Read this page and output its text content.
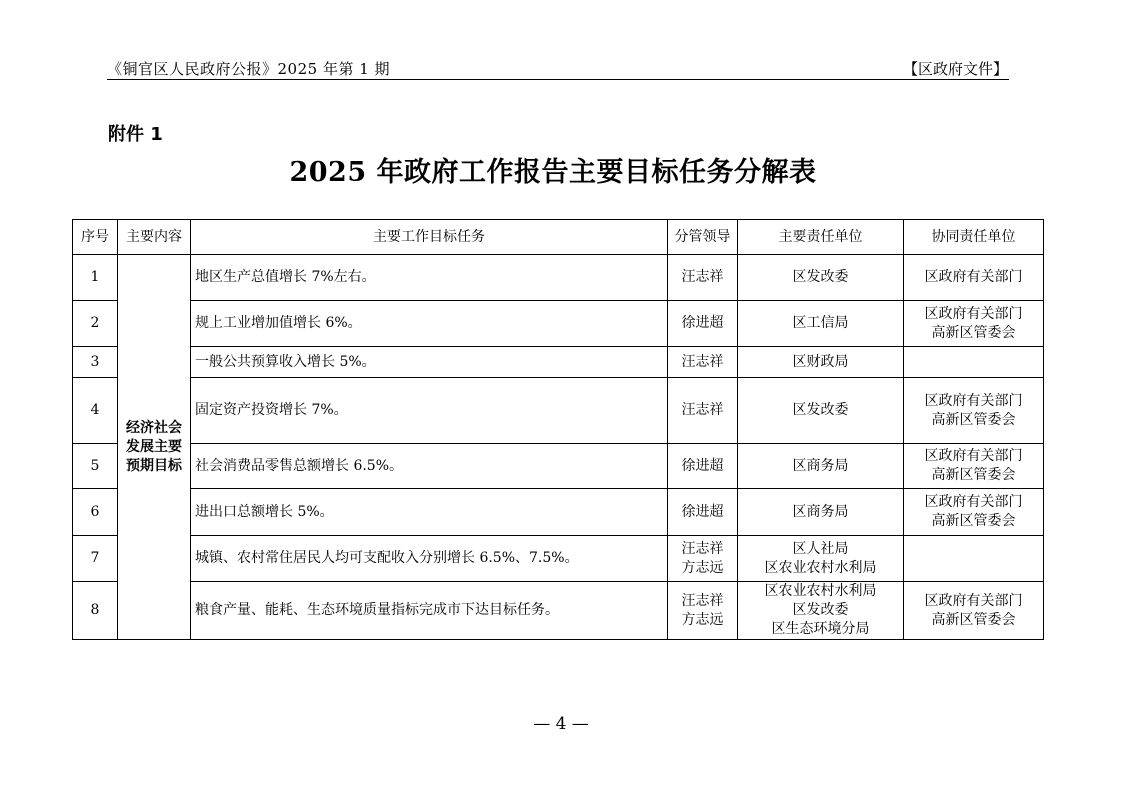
《铜官区人民政府公报》2025 年第 1 期	【区政府文件】
附件 1
2025 年政府工作报告主要目标任务分解表
序号	主要内容	主要工作目标任务	分管领导	主要责任单位	协同责任单位
1	经济社会
发展主要
预期目标	地区生产总值增长 7%左右。	汪志祥	区发改委	区政府有关部门

2		规上工业增加值增长 6%。	徐进超	区工信局	区政府有关部门
高新区管委会

3		一般公共预算收入增长 5%。	汪志祥	区财政局	

4		固定资产投资增长 7%。	汪志祥	区发改委	区政府有关部门
高新区管委会

5		社会消费品零售总额增长 6.5%。	徐进超	区商务局	区政府有关部门
高新区管委会

6		进出口总额增长 5%。	徐进超	区商务局	区政府有关部门
高新区管委会

7		城镇、农村常住居民人均可支配收入分别增长 6.5%、7.5%。	汪志祥
方志远	区人社局
区农业农村水利局	

8		粮食产量、能耗、生态环境质量指标完成市下达目标任务。	汪志祥
方志远	区农业农村水利局
区发改委
区生态环境分局	区政府有关部门
高新区管委会
— 4 —
